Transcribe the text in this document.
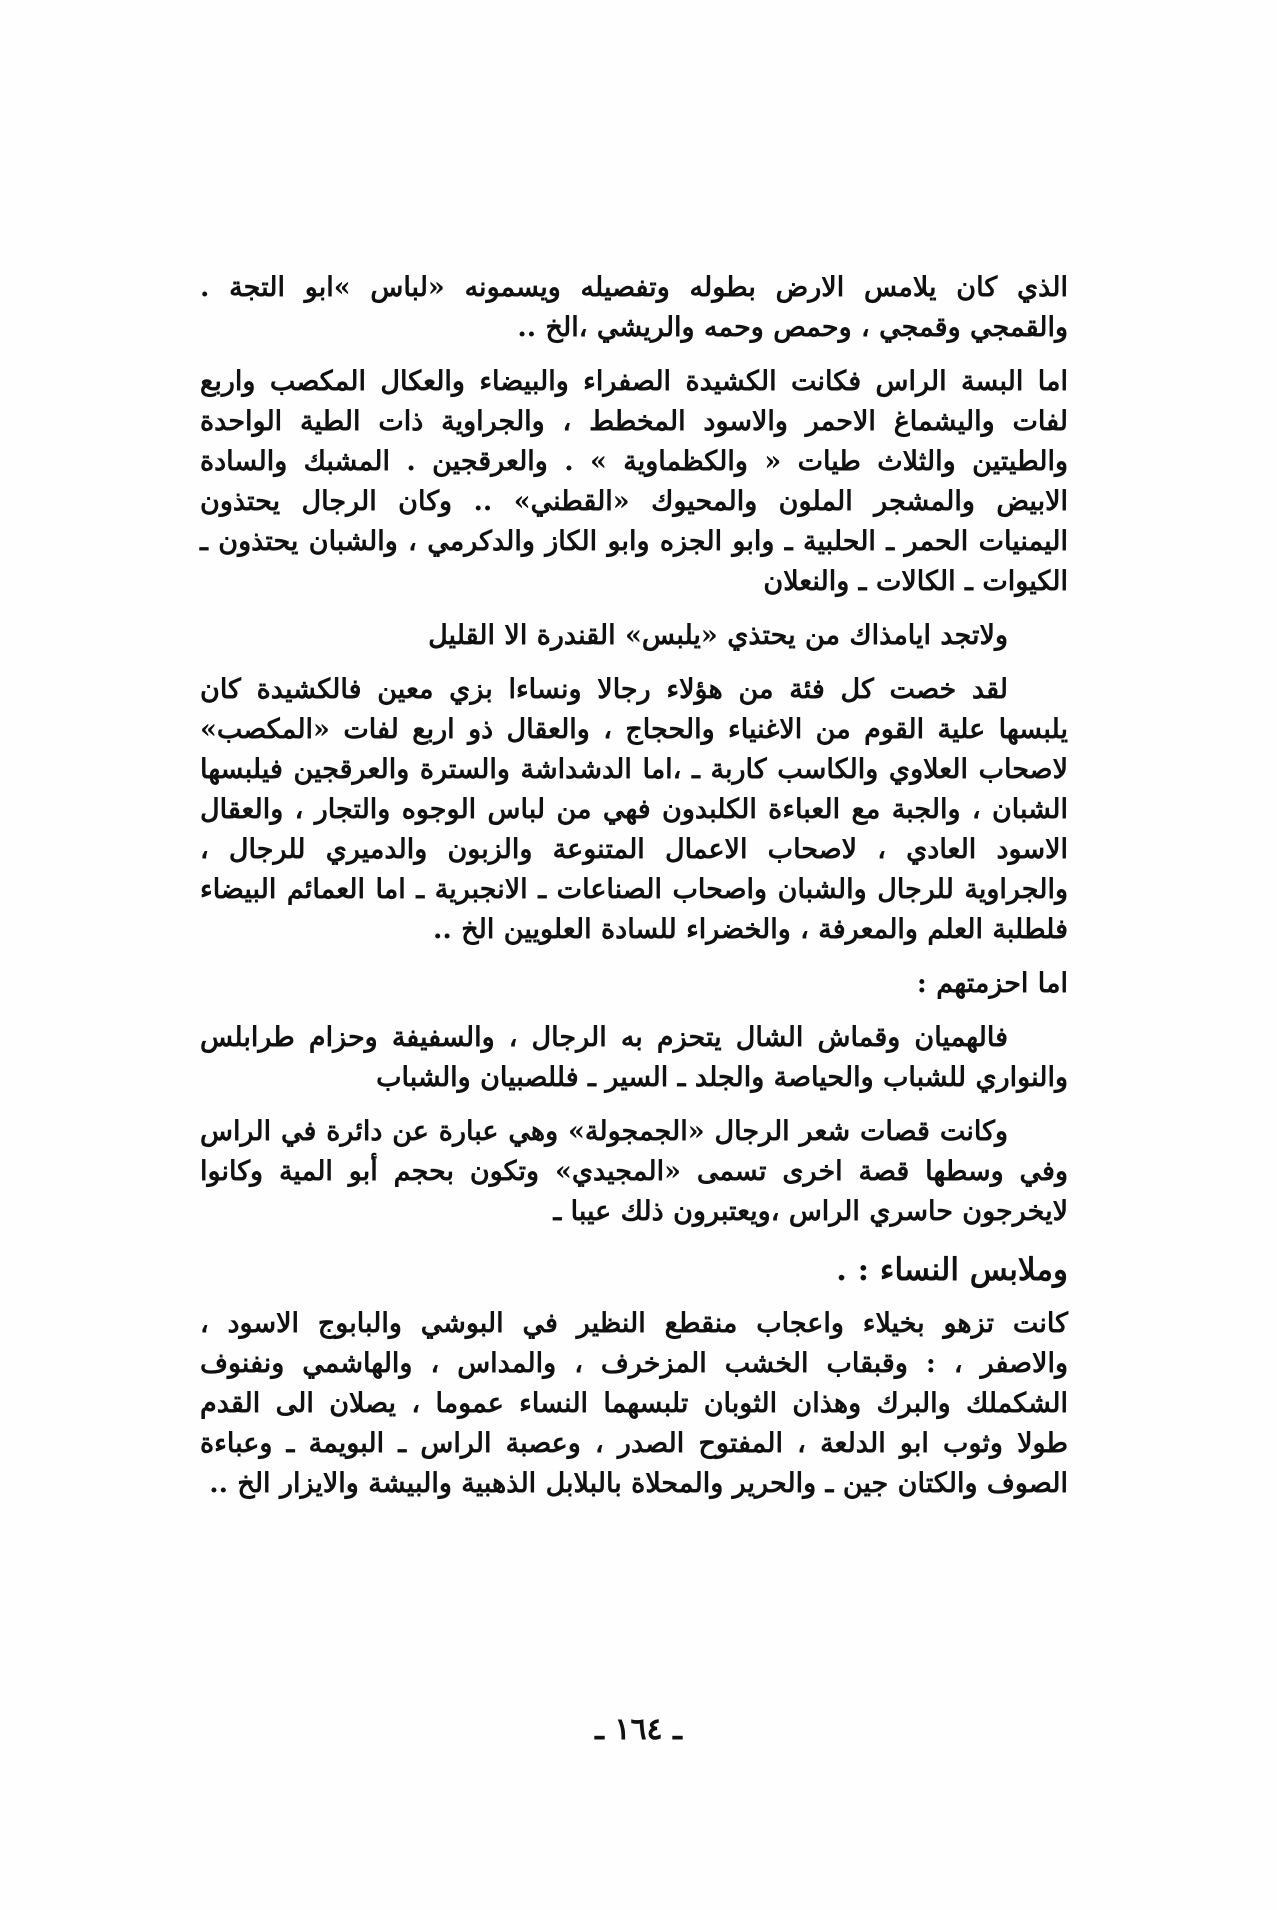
الذي كان يلامس الارض بطوله وتفصيله ويسمونه «لباس »ابو التجة . والقمجي وقمجي ، وحمص وحمه والريشي ،الخ ..

اما البسة الراس فكانت الكشيدة الصفراء والبيضاء والعكال المكصب واربع لفات واليشماغ الاحمر والاسود المخطط ، والجراوية ذات الطية الواحدة والطيتين والثلاث طيات « والكظماوية » . والعرقجين . المشبك والسادة الابيض والمشجر الملون والمحيوك «القطني» .. وكان الرجال يحتذون اليمنيات الحمر ـ الحلبية ـ وابو الجزه وابو الكاز والدكرمي ، والشبان يحتذون ـ الكيوات ـ الكالات ـ والنعلان

ولاتجد ايامذاك من يحتذي «يلبس» القندرة الا القليل

لقد خصت كل فئة من هؤلاء رجالا ونساءا بزي معين فالكشيدة كان يلبسها علية القوم من الاغنياء والحجاج ، والعقال ذو اربع لفات «المكصب» لاصحاب العلاوي والكاسب كاربة ـ ،اما الدشداشة والسترة والعرقجين فيلبسها الشبان ، والجبة مع العباءة الكلبدون فهي من لباس الوجوه والتجار ، والعقال الاسود العادي ، لاصحاب الاعمال المتنوعة والزبون والدميري للرجال ، والجراوية للرجال والشبان واصحاب الصناعات ـ الانجبرية ـ اما العمائم البيضاء فلطلبة العلم والمعرفة ، والخضراء للسادة العلويين الخ ..

اما احزمتهم :

فالهميان وقماش الشال يتحزم به الرجال ، والسفيفة وحزام طرابلس والنواري للشباب والحياصة والجلد ـ السير ـ فللصبيان والشباب

وكانت قصات شعر الرجال «الجمجولة» وهي عبارة عن دائرة في الراس وفي وسطها قصة اخرى تسمى «المجيدي» وتكون بحجم أبو المية وكانوا لايخرجون حاسري الراس ،ويعتبرون ذلك عيبا ـ

وملابس النساء : .

كانت تزهو بخيلاء واعجاب منقطع النظير في البوشي والبابوج الاسود ، والاصفر ، : وقبقاب الخشب المزخرف ، والمداس ، والهاشمي ونفنوف الشكملك والبرك وهذان الثوبان تلبسهما النساء عموما ، يصلان الى القدم طولا وثوب ابو الدلعة ، المفتوح الصدر ، وعصبة الراس ـ البويمة ـ وعباءة الصوف والكتان جين ـ والحرير والمحلاة بالبلابل الذهبية والبيشة والايزار الخ ..

ـ ١٦٤ ـ
